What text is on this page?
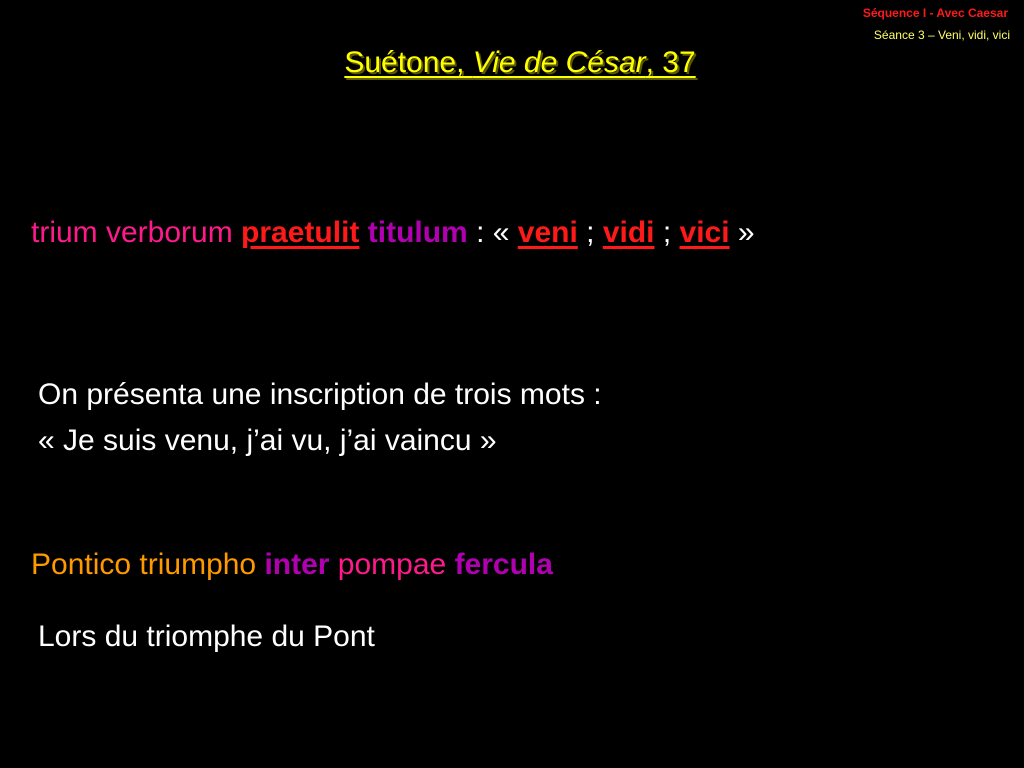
Séquence I - Avec Caesar
Séance 3 – Veni, vidi, vici
Suétone, Vie de César, 37
trium verborum praetulit titulum : « veni ; vidi ; vici »
On présenta une inscription de trois mots :
« Je suis venu, j’ai vu, j’ai vaincu »
Pontico triumpho inter pompae fercula
Lors du triomphe du Pont
